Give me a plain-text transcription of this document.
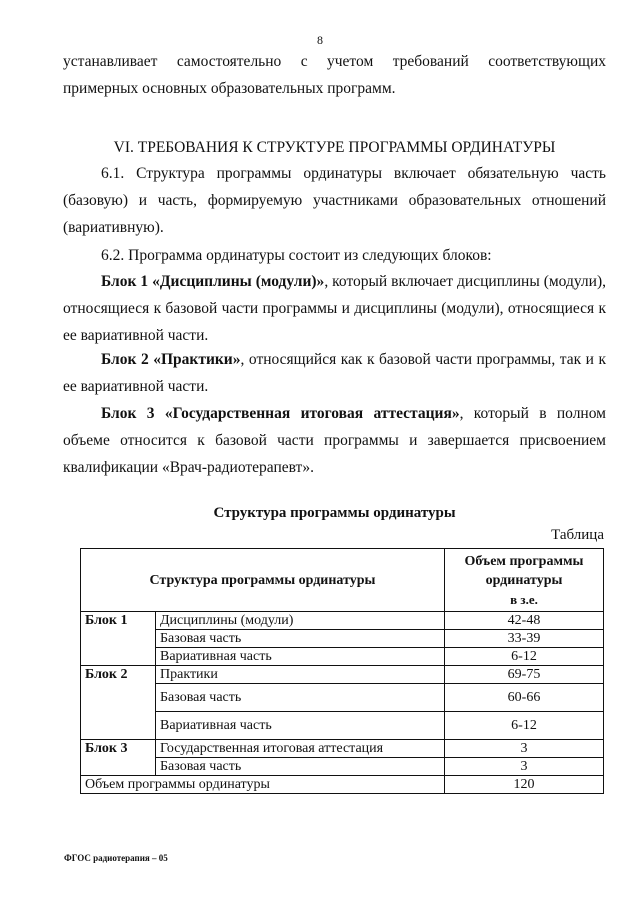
8

устанавливает самостоятельно с учетом требований соответствующих примерных основных образовательных программ.

VI. ТРЕБОВАНИЯ К СТРУКТУРЕ ПРОГРАММЫ ОРДИНАТУРЫ

6.1. Структура программы ординатуры включает обязательную часть (базовую) и часть, формируемую участниками образовательных отношений (вариативную).

6.2. Программа ординатуры состоит из следующих блоков:

Блок 1 «Дисциплины (модули)», который включает дисциплины (модули), относящиеся к базовой части программы и дисциплины (модули), относящиеся к ее вариативной части.

Блок 2 «Практики», относящийся как к базовой части программы, так и к ее вариативной части.

Блок 3 «Государственная итоговая аттестация», который в полном объеме относится к базовой части программы и завершается присвоением квалификации «Врач-радиотерапевт».

Структура программы ординатуры
Таблица
Структура программы ординатуры		Объем программы
ординатуры
в з.е.

Блок 1	Дисциплины (модули)	42-48
	Базовая часть	33-39
	Вариативная часть	6-12
Блок 2	Практики	69-75
	Базовая часть	60-66
	Вариативная часть	6-12
Блок 3	Государственная итоговая аттестация	3
	Базовая часть	3
Объем программы ординатуры		120
ФГОС радиотерапия – 05
